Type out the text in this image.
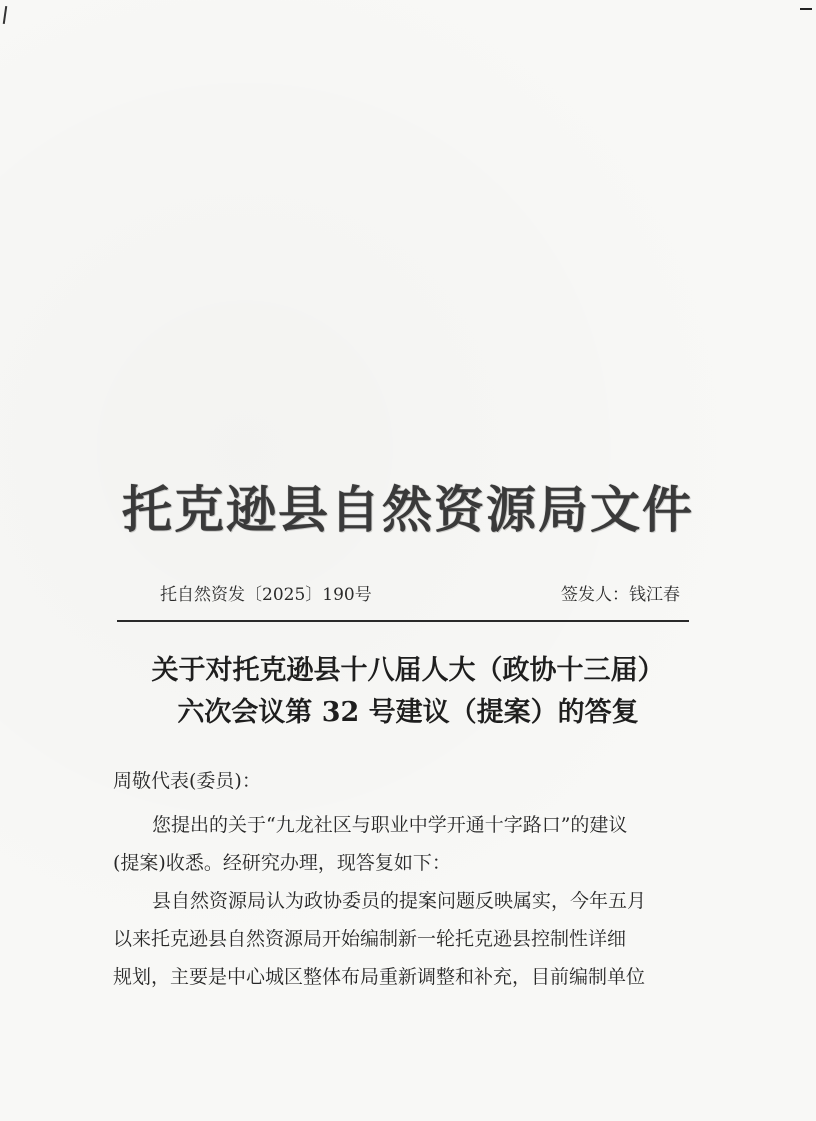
托克逊县自然资源局文件
托自然资发〔2025〕190号	签发人：钱江春
关于对托克逊县十八届人大（政协十三届）
六次会议第 32 号建议（提案）的答复
周敬代表(委员)：
您提出的关于“九龙社区与职业中学开通十字路口”的建议
(提案)收悉。经研究办理，现答复如下：
县自然资源局认为政协委员的提案问题反映属实，今年五月
以来托克逊县自然资源局开始编制新一轮托克逊县控制性详细
规划，主要是中心城区整体布局重新调整和补充，目前编制单位
